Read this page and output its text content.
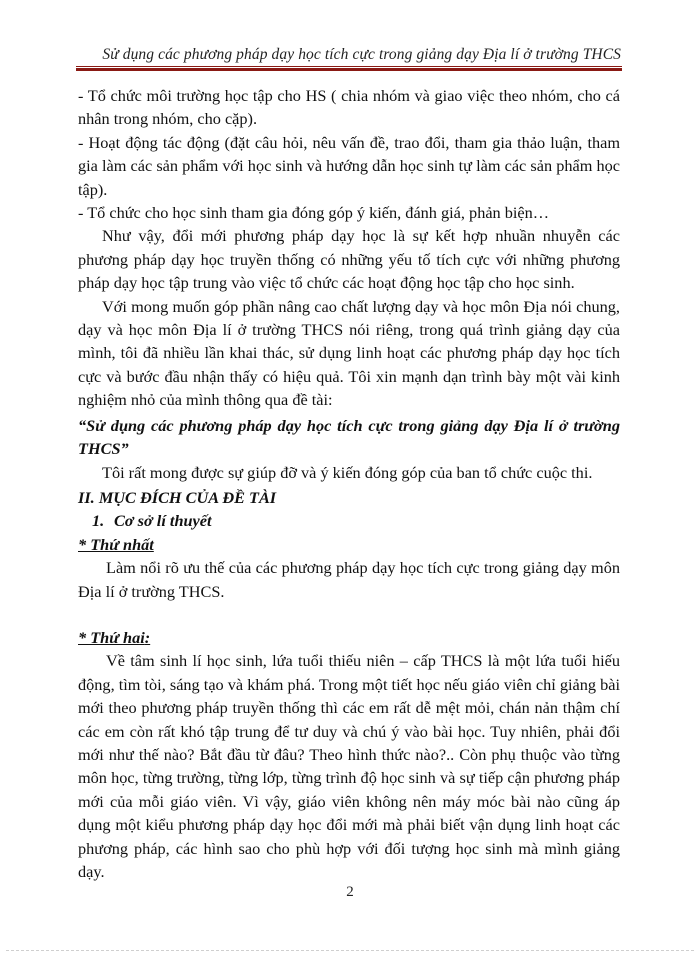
Sử dụng các phương pháp dạy học tích cực trong giảng dạy Địa lí ở trường THCS

- Tổ chức môi trường học tập cho HS ( chia nhóm và giao việc theo nhóm, cho cá nhân trong nhóm, cho cặp).

- Hoạt động tác động (đặt câu hỏi, nêu vấn đề, trao đổi, tham gia thảo luận, tham gia làm các sản phẩm với học sinh và hướng dẫn học sinh tự làm các sản phẩm học tập).

- Tổ chức cho học sinh tham gia đóng góp ý kiến, đánh giá, phản biện…

Như vậy, đổi mới phương pháp dạy học là sự kết hợp nhuần nhuyễn các phương pháp dạy học truyền thống có những yếu tố tích cực với những phương pháp dạy học tập trung vào việc tổ chức các hoạt động học tập cho học sinh.

Với mong muốn góp phần nâng cao chất lượng dạy và học môn Địa nói chung, dạy và học môn Địa lí ở trường THCS nói riêng, trong quá trình giảng dạy của mình, tôi đã nhiều lần khai thác, sử dụng linh hoạt các phương pháp dạy học tích cực và bước đầu nhận thấy có hiệu quả. Tôi xin mạnh dạn trình bày một vài kinh nghiệm nhỏ của mình thông qua đề tài:

“Sử dụng các phương pháp dạy học tích cực trong giảng dạy Địa lí ở trường THCS”

Tôi rất mong được sự giúp đỡ và ý kiến đóng góp của ban tổ chức cuộc thi.

II. MỤC ĐÍCH CỦA ĐỀ TÀI

1. Cơ sở lí thuyết

* Thứ nhất

Làm nổi rõ ưu thế của các phương pháp dạy học tích cực trong giảng dạy môn Địa lí ở trường THCS.

* Thứ hai:

Về tâm sinh lí học sinh, lứa tuổi thiếu niên – cấp THCS là một lứa tuổi hiếu động, tìm tòi, sáng tạo và khám phá. Trong một tiết học nếu giáo viên chỉ giảng bài mới theo phương pháp truyền thống thì các em rất dễ mệt mỏi, chán nản thậm chí các em còn rất khó tập trung để tư duy và chú ý vào bài học. Tuy nhiên, phải đổi mới như thế nào? Bắt đầu từ đâu? Theo hình thức nào?.. Còn phụ thuộc vào từng môn học, từng trường, từng lớp, từng trình độ học sinh và sự tiếp cận phương pháp mới của mỗi giáo viên. Vì vậy, giáo viên không nên máy móc bài nào cũng áp dụng một kiểu phương pháp dạy học đổi mới mà phải biết vận dụng linh hoạt các phương pháp, các hình sao cho phù hợp với đối tượng học sinh mà mình giảng dạy.

2
